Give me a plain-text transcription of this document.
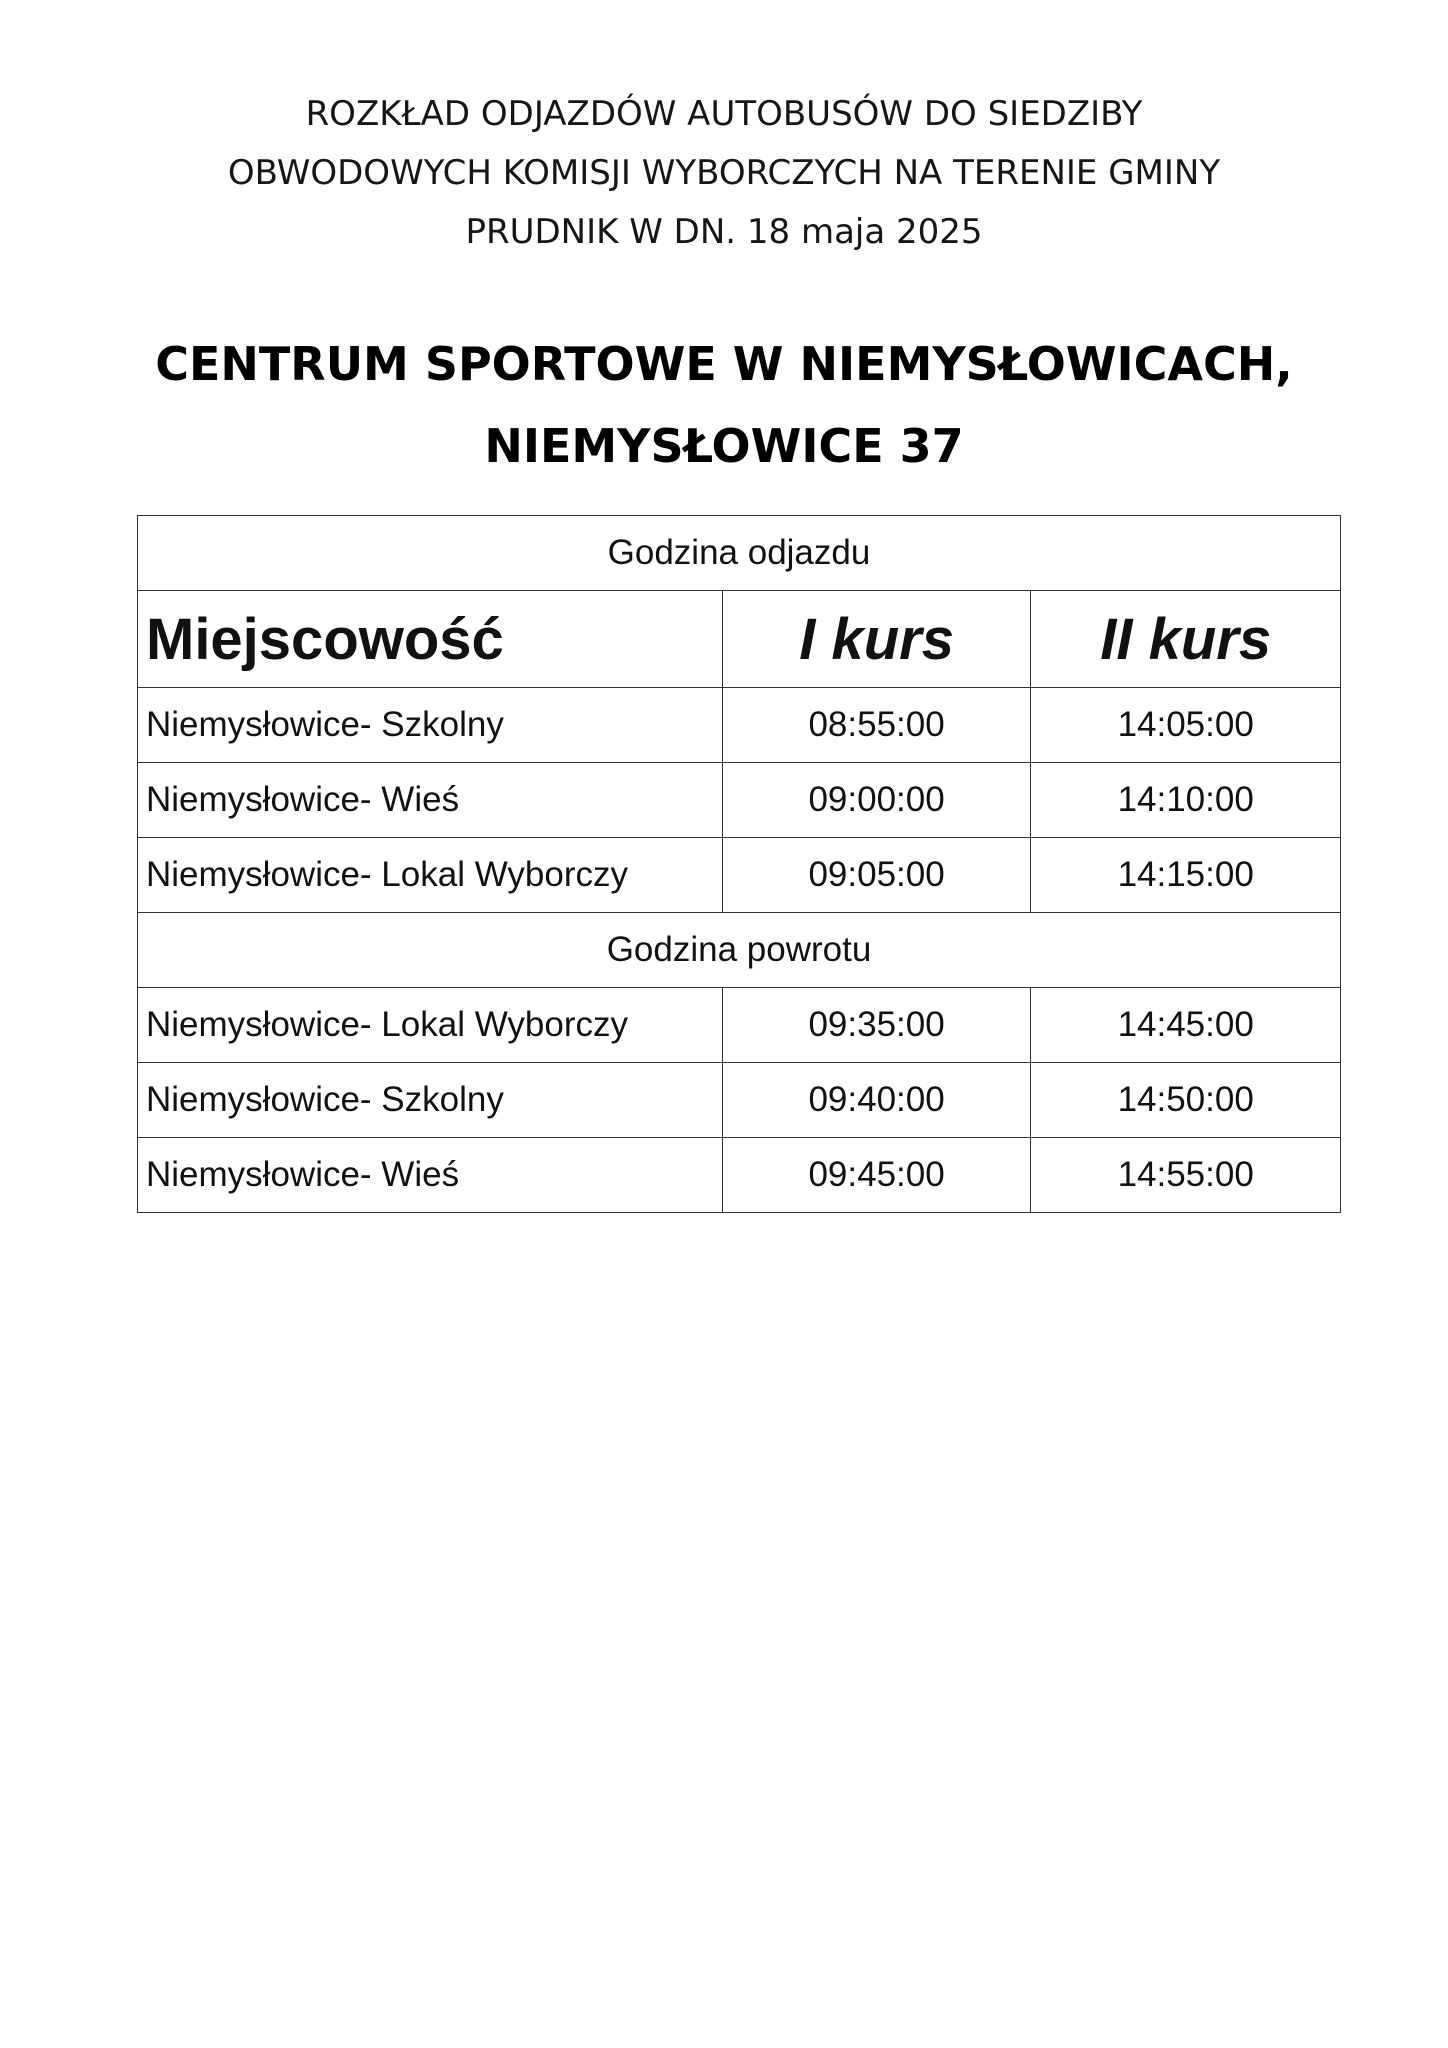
ROZKŁAD ODJAZDÓW AUTOBUSÓW DO SIEDZIBY
OBWODOWYCH KOMISJI WYBORCZYCH NA TERENIE GMINY
PRUDNIK W DN. 18 maja 2025
CENTRUM SPORTOWE W NIEMYSŁOWICACH,
NIEMYSŁOWICE 37
Godzina odjazdu		
Miejscowość	I kurs	II kurs
Niemysłowice- Szkolny	08:55:00	14:05:00
Niemysłowice- Wieś	09:00:00	14:10:00
Niemysłowice- Lokal Wyborczy	09:05:00	14:15:00
Godzina powrotu		
Niemysłowice- Lokal Wyborczy	09:35:00	14:45:00
Niemysłowice- Szkolny	09:40:00	14:50:00
Niemysłowice- Wieś	09:45:00	14:55:00
